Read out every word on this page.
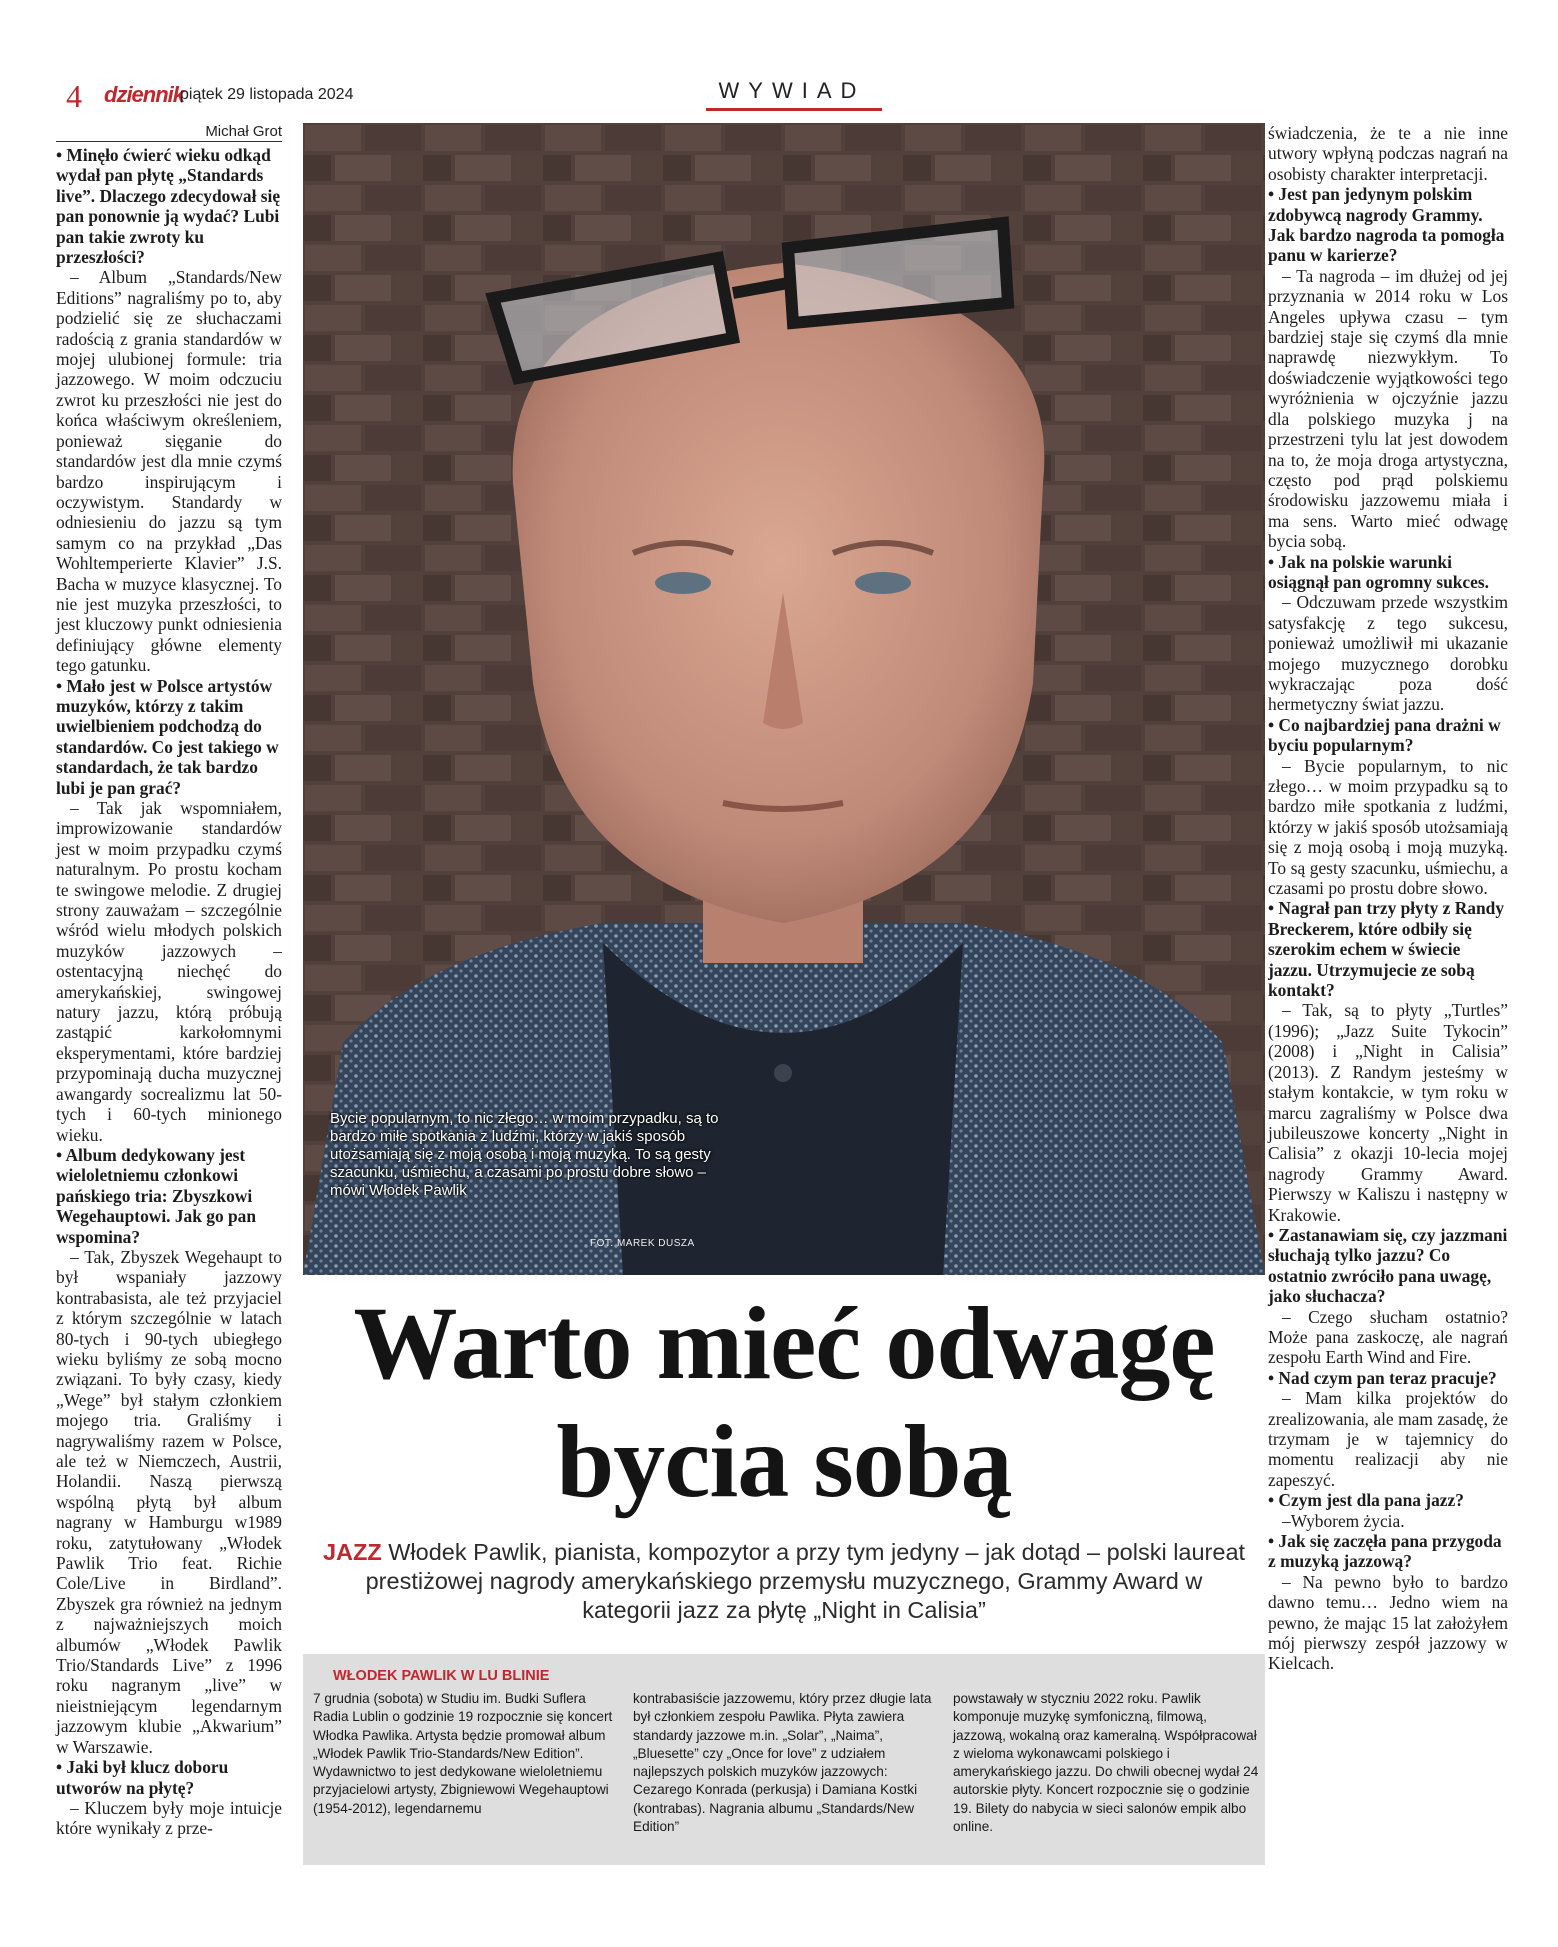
4 dziennik
piątek 29 listopada 2024	WYWIAD
Michał Grot

• Minęło ćwierć wieku odkąd wydał pan płytę „Standards live”. Dlaczego zdecydował się pan ponownie ją wydać? Lubi pan takie zwroty ku przeszłości?

– Album „Standards/New Editions” nagraliśmy po to, aby podzielić się ze słuchaczami radością z grania standardów w mojej ulubionej formule: tria jazzowego. W moim odczuciu zwrot ku przeszłości nie jest do końca właściwym określeniem, ponieważ sięganie do standardów jest dla mnie czymś bardzo inspirującym i oczywistym. Standardy w odniesieniu do jazzu są tym samym co na przykład „Das Wohltemperierte Klavier” J.S. Bacha w muzyce klasycznej. To nie jest muzyka przeszłości, to jest kluczowy punkt odniesienia definiujący główne elementy tego gatunku.

• Mało jest w Polsce artystów muzyków, którzy z takim uwielbieniem podchodzą do standardów. Co jest takiego w standardach, że tak bardzo lubi je pan grać?

– Tak jak wspomniałem, improwizowanie standardów jest w moim przypadku czymś naturalnym. Po prostu kocham te swingowe melodie. Z drugiej strony zauważam – szczególnie wśród wielu młodych polskich muzyków jazzowych – ostentacyjną niechęć do amerykańskiej, swingowej natury jazzu, którą próbują zastąpić karkołomnymi eksperymentami, które bardziej przypominają ducha muzycznej awangardy socrealizmu lat 50-tych i 60-tych minionego wieku.

• Album dedykowany jest wieloletniemu członkowi pańskiego tria: Zbyszkowi Wegehauptowi. Jak go pan wspomina?

– Tak, Zbyszek Wegehaupt to był wspaniały jazzowy kontrabasista, ale też przyjaciel z którym szczególnie w latach 80-tych i 90-tych ubiegłego wieku byliśmy ze sobą mocno związani. To były czasy, kiedy „Wege” był stałym członkiem mojego tria. Graliśmy i nagrywaliśmy razem w Polsce, ale też w Niemczech, Austrii, Holandii. Naszą pierwszą wspólną płytą był album nagrany w Hamburgu w1989 roku, zatytułowany „Włodek Pawlik Trio feat. Richie Cole/Live in Birdland”. Zbyszek gra również na jednym z najważniejszych moich albumów „Włodek Pawlik Trio/Standards Live” z 1996 roku nagranym „live” w nieistniejącym legendarnym jazzowym klubie „Akwarium” w Warszawie.

• Jaki był klucz doboru utworów na płytę?

– Kluczem były moje intuicje które wynikały z prze-

Bycie popularnym, to nic złego… w moim przypadku, są to bardzo miłe spotkania z ludźmi, którzy w jakiś sposób utożsamiają się z moją osobą i moją muzyką. To są gesty szacunku, uśmiechu, a czasami po prostu dobre słowo – mówi Włodek Pawlik
FOT. MAREK DUSZA
Warto mieć odwagę bycia sobą
JAZZ Włodek Pawlik, pianista, kompozytor a przy tym jedyny – jak dotąd – polski laureat prestiżowej nagrody amerykańskiego przemysłu muzycznego, Grammy Award w kategorii jazz za płytę „Night in Calisia”
WŁODEK PAWLIK W LU BLINIE
7 grudnia (sobota) w Studiu im. Budki Suflera Radia Lublin o godzinie 19 rozpocznie się koncert Włodka Pawlika. Artysta będzie promował album „Włodek Pawlik Trio-Standards/New Edition”. Wydawnictwo to jest dedykowane wieloletniemu przyjacielowi artysty, Zbigniewowi Wegehauptowi (1954-2012), legendarnemu
kontrabasiście jazzowemu, który przez długie lata był członkiem zespołu Pawlika. Płyta zawiera standardy jazzowe m.in. „Solar”, „Naima”, „Bluesette” czy „Once for love” z udziałem najlepszych polskich muzyków jazzowych: Cezarego Konrada (perkusja) i Damiana Kostki (kontrabas). Nagrania albumu „Standards/New Edition”
powstawały w styczniu 2022 roku. Pawlik komponuje muzykę symfoniczną, filmową, jazzową, wokalną oraz kameralną. Współpracował z wieloma wykonawcami polskiego i amerykańskiego jazzu. Do chwili obecnej wydał 24 autorskie płyty. Koncert rozpocznie się o godzinie 19. Bilety do nabycia w sieci salonów empik albo online.

świadczenia, że te a nie inne utwory wpłyną podczas nagrań na osobisty charakter interpretacji.

• Jest pan jedynym polskim zdobywcą nagrody Grammy. Jak bardzo nagroda ta pomogła panu w karierze?

– Ta nagroda – im dłużej od jej przyznania w 2014 roku w Los Angeles upływa czasu – tym bardziej staje się czymś dla mnie naprawdę niezwykłym. To doświadczenie wyjątkowości tego wyróżnienia w ojczyźnie jazzu dla polskiego muzyka j na przestrzeni tylu lat jest dowodem na to, że moja droga artystyczna, często pod prąd polskiemu środowisku jazzowemu miała i ma sens. Warto mieć odwagę bycia sobą.

• Jak na polskie warunki osiągnął pan ogromny sukces.

– Odczuwam przede wszystkim satysfakcję z tego sukcesu, ponieważ umożliwił mi ukazanie mojego muzycznego dorobku wykraczając poza dość hermetyczny świat jazzu.

• Co najbardziej pana drażni w byciu popularnym?

– Bycie popularnym, to nic złego… w moim przypadku są to bardzo miłe spotkania z ludźmi, którzy w jakiś sposób utożsamiają się z moją osobą i moją muzyką. To są gesty szacunku, uśmiechu, a czasami po prostu dobre słowo.

• Nagrał pan trzy płyty z Randy Breckerem, które odbiły się szerokim echem w świecie jazzu. Utrzymujecie ze sobą kontakt?

– Tak, są to płyty „Turtles” (1996); „Jazz Suite Tykocin” (2008) i „Night in Calisia” (2013). Z Randym jesteśmy w stałym kontakcie, w tym roku w marcu zagraliśmy w Polsce dwa jubileuszowe koncerty „Night in Calisia” z okazji 10-lecia mojej nagrody Grammy Award. Pierwszy w Kaliszu i następny w Krakowie.

• Zastanawiam się, czy jazzmani słuchają tylko jazzu? Co ostatnio zwróciło pana uwagę, jako słuchacza?

– Czego słucham ostatnio? Może pana zaskoczę, ale nagrań zespołu Earth Wind and Fire.

• Nad czym pan teraz pracuje?

– Mam kilka projektów do zrealizowania, ale mam zasadę, że trzymam je w tajemnicy do momentu realizacji aby nie zapeszyć.

• Czym jest dla pana jazz?

–Wyborem życia.

• Jak się zaczęła pana przygoda z muzyką jazzową?

– Na pewno było to bardzo dawno temu… Jedno wiem na pewno, że mając 15 lat założyłem mój pierwszy zespół jazzowy w Kielcach.
